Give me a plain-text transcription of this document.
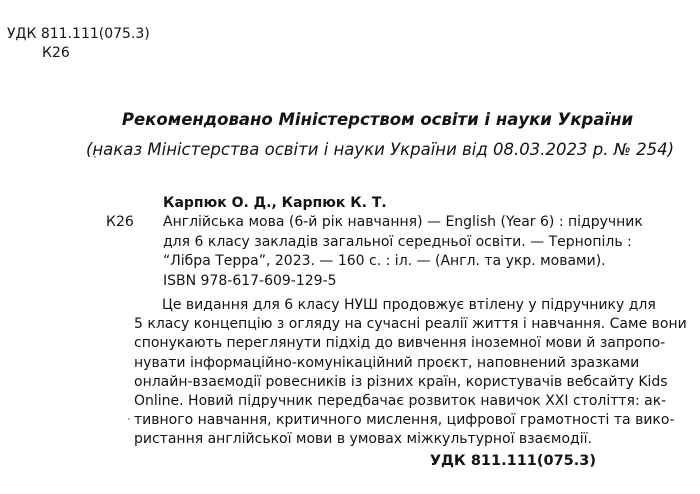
УДК 811.111(075.3)
К26
Рекомендовано Міністерством освіти і науки України
(наказ Міністерства освіти і науки України від 08.03.2023 р. № 254)
Карпюк О. Д., Карпюк К. Т.
К26 Англійська мова (6-й рік навчання) — English (Year 6) : підручник
для 6 класу закладів загальної середньої освіти. — Тернопіль :
“Лібра Терра”, 2023. — 160 с. : іл. — (Англ. та укр. мовами).
ISBN 978-617-609-129-5
Це видання для 6 класу НУШ продовжує втілену у підручнику для
5 класу концепцію з огляду на сучасні реалії життя і навчання. Саме вони
спонукають переглянути підхід до вивчення іноземної мови й запропо-
нувати інформаційно-комунікаційний проєкт, наповнений зразками
онлайн-взаємодії ровесників із різних країн, користувачів вебсайту Kids
Online. Новий підручник передбачає розвиток навичок XXI століття: ак-
тивного навчання, критичного мислення, цифрової грамотності та вико-
ристання англійської мови в умовах міжкультурної взаємодії.
УДК 811.111(075.3)
